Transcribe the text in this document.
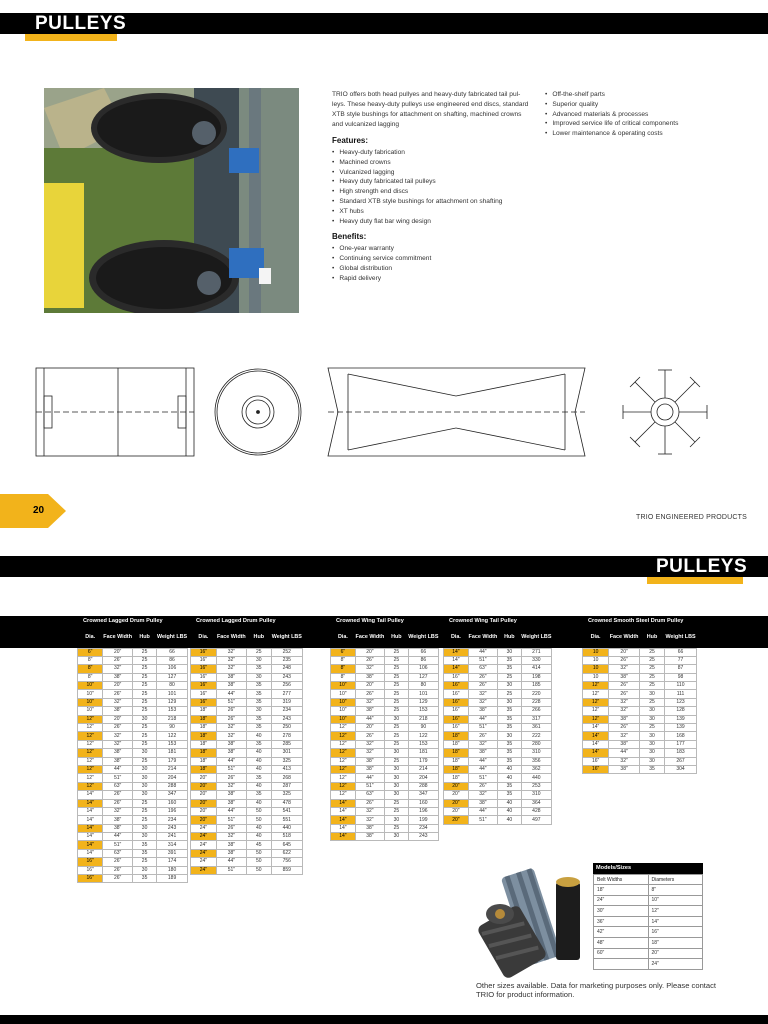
PULLEYS

TRIO offers both head pullyes and heavy-duty fabricated tail pul-leys. These heavy-duty pulleys use engineered end discs, standard XTB style bushings for attachment on shafting, machined crowns and vulcanized lagging

Features:
• Heavy-duty fabrication
• Machined crowns
• Vulcanized lagging
• Heavy duty fabricated tail pulleys
• High strength end discs
• Standard XTB style bushings for attachment on shafting
• XT hubs
• Heavy duty flat bar wing design
Benefits:
• One-year warranty
• Continuing service commitment
• Global distribution
• Rapid delivery
• Off-the-shelf parts
• Superior quality
• Advanced materials & processes
• Improved service life of critical components
• Lower maintenance & operating costs
20
TRIO ENGINEERED PRODUCTS
PULLEYS
Crowned Lagged Drum Pulley
Dia.	Face Width	Hub	Weight LBS
6"	20"	25	66
8"	26"	25	86
8"	32"	25	106
8"	38"	25	127
10"	20"	25	80
10"	26"	25	101
10"	32"	25	129
10"	38"	25	153
12"	20"	30	218
12"	26"	25	90
12"	32"	25	122
12"	32"	25	153
12"	38"	30	181
12"	38"	25	179
12"	44"	30	214
12"	51"	30	204
12"	63"	30	288
14"	26"	30	347
14"	26"	25	160
14"	32"	25	196
14"	38"	25	234
14"	38"	30	243
14"	44"	30	241
14"	51"	35	314
14"	63"	35	391
16"	26"	25	174
16"	26"	30	180
16"	26"	35	189
Crowned Lagged Drum Pulley
Dia.	Face Width	Hub	Weight LBS
16"	32"	25	252
16"	32"	30	235
16"	32"	35	248
16"	38"	30	243
16"	38"	35	256
16"	44"	35	277
16"	51"	35	319
18"	26"	30	234
18"	26"	35	243
18"	32"	35	250
18"	32"	40	278
18"	38"	35	285
18"	38"	40	301
18"	44"	40	325
18"	51"	40	413
20"	26"	35	268
20"	32"	40	287
20"	38"	35	325
20"	38"	40	478
20"	44"	50	541
20"	51"	50	551
24"	26"	40	440
24"	32"	40	518
24"	38"	45	645
24"	38"	50	622
24"	44"	50	756
24"	51"	50	859
Crowned Wing Tail Pulley
Dia.	Face Width	Hub	Weight LBS
6"	20"	25	66
8"	26"	25	86
8"	32"	25	106
8"	38"	25	127
10"	20"	25	80
10"	26"	25	101
10"	32"	25	129
10"	38"	25	153
10"	44"	30	218
12"	20"	25	90
12"	26"	25	122
12"	32"	25	153
12"	32"	30	181
12"	38"	25	179
12"	38"	30	214
12"	44"	30	204
12"	51"	30	288
12"	63"	30	347
14"	26"	25	160
14"	32"	25	196
14"	32"	30	199
14"	38"	25	234
14"	38"	30	243
Crowned Wing Tail Pulley
Dia.	Face Width	Hub	Weight LBS
14"	44"	30	271
14"	51"	35	330
14"	63"	35	414
16"	26"	25	198
16"	26"	30	185
16"	32"	25	220
16"	32"	30	228
16"	38"	35	266
16"	44"	35	317
16"	51"	35	361
18"	26"	30	222
18"	32"	35	280
18"	38"	35	310
18"	44"	35	356
18"	44"	40	362
18"	51"	40	440
20"	26"	35	253
20"	32"	35	310
20"	38"	40	364
20"	44"	40	428
20"	51"	40	497
Crowned Smooth Steel Drum Pulley
Dia.	Face Width	Hub	Weight LBS
10	20"	25	66
10	26"	25	77
10	32"	25	87
10	38"	25	98
12"	26"	25	110
12"	26"	30	111
12"	32"	25	123
12"	32"	30	128
12"	38"	30	139
14"	26"	25	139
14"	32"	30	168
14"	38"	30	177
14"	44"	30	183
16"	32"	30	267
16"	38"	35	304
Models/Sizes
Belt Widths	Diameters
18"	8"
24"	10"
30"	12"
36"	14"
42"	16"
48"	18"
60"	20"
	24"
Other sizes available. Data for marketing purposes only. Please contact TRIO for product information.
